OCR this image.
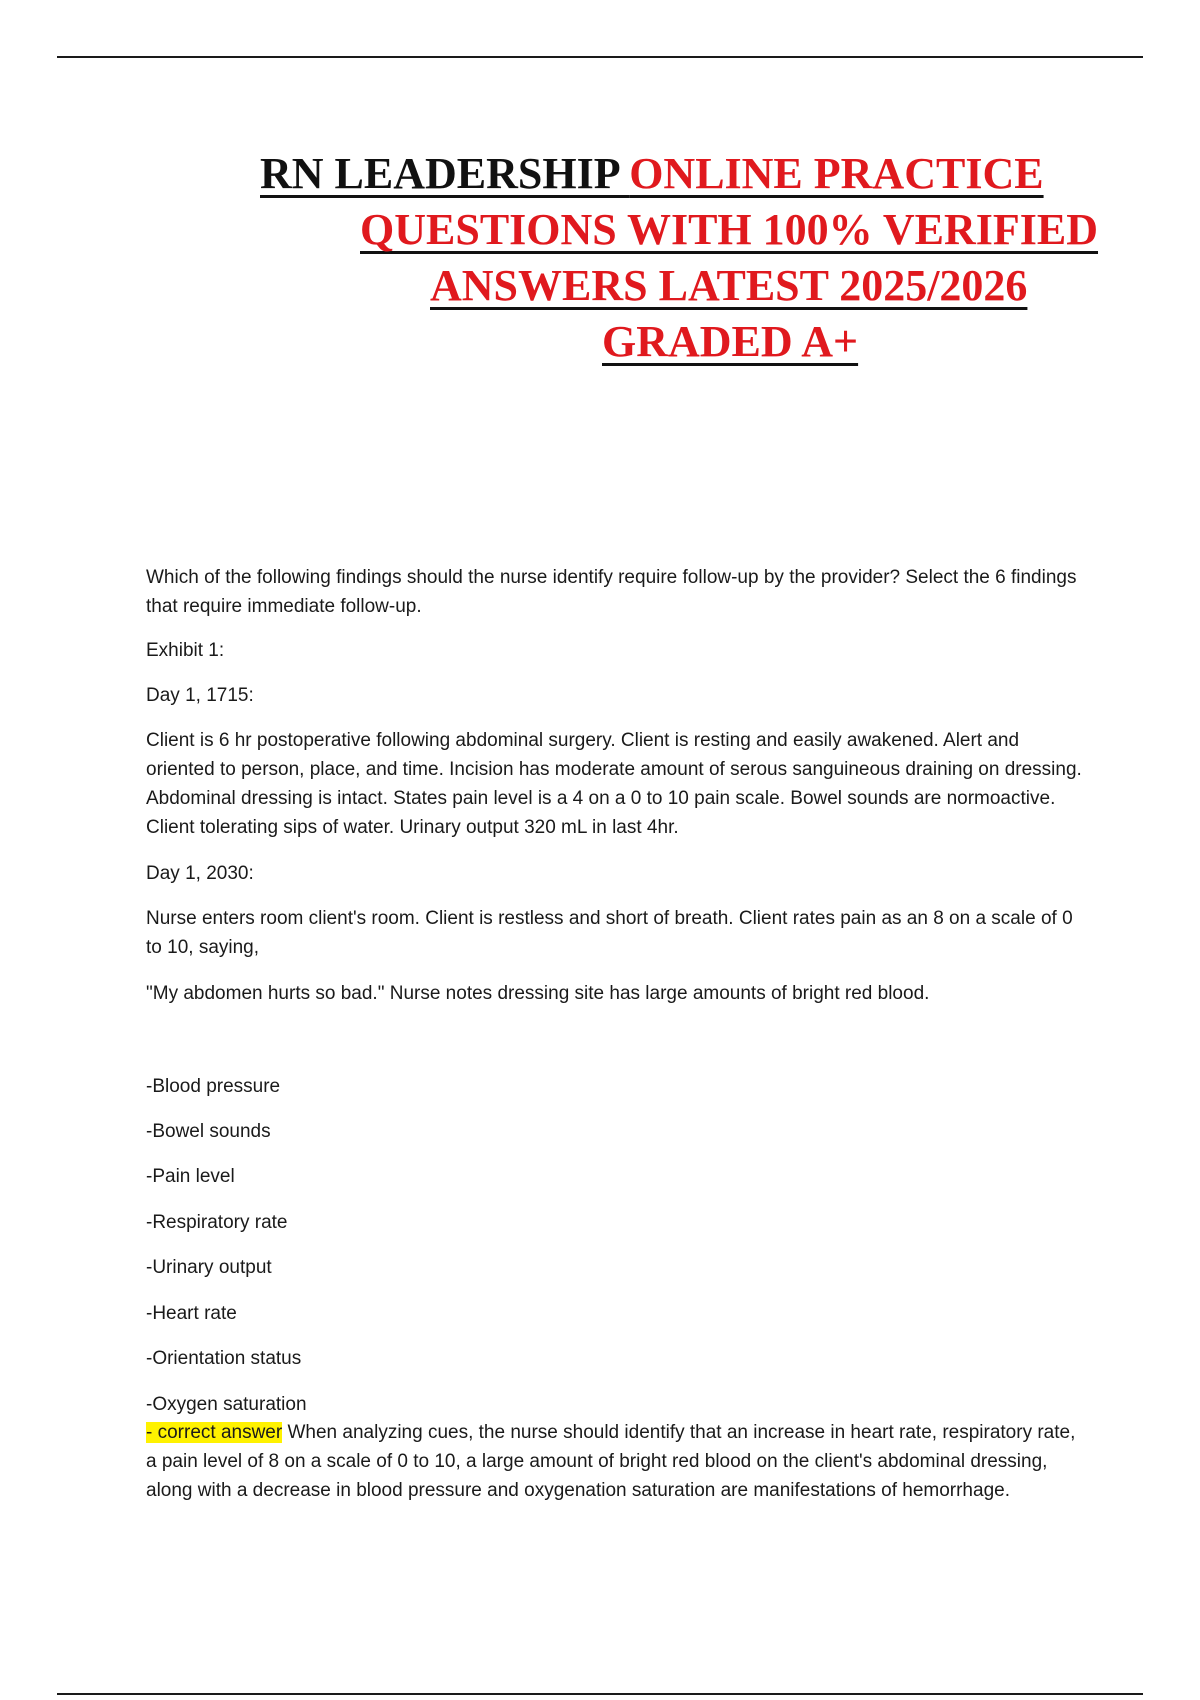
RN LEADERSHIP ONLINE PRACTICE
QUESTIONS WITH 100% VERIFIED
ANSWERS LATEST 2025/2026
GRADED A+

Which of the following findings should the nurse identify require follow-up by the provider? Select the 6 findings that require immediate follow-up.

Exhibit 1:

Day 1, 1715:

Client is 6 hr postoperative following abdominal surgery. Client is resting and easily awakened. Alert and oriented to person, place, and time. Incision has moderate amount of serous sanguineous draining on dressing. Abdominal dressing is intact. States pain level is a 4 on a 0 to 10 pain scale. Bowel sounds are normoactive. Client tolerating sips of water. Urinary output 320 mL in last 4hr.

Day 1, 2030:

Nurse enters room client's room. Client is restless and short of breath. Client rates pain as an 8 on a scale of 0 to 10, saying,

"My abdomen hurts so bad." Nurse notes dressing site has large amounts of bright red blood.

-Blood pressure

-Bowel sounds

-Pain level

-Respiratory rate

-Urinary output

-Heart rate

-Orientation status

-Oxygen saturation

- correct answer When analyzing cues, the nurse should identify that an increase in heart rate, respiratory rate, a pain level of 8 on a scale of 0 to 10, a large amount of bright red blood on the client's abdominal dressing, along with a decrease in blood pressure and oxygenation saturation are manifestations of hemorrhage.
